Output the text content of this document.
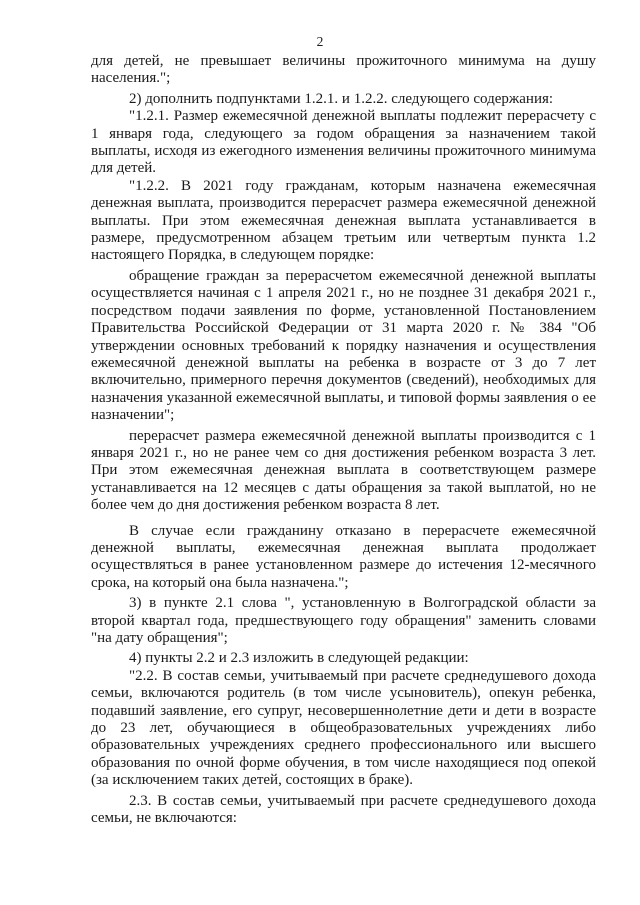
2

для детей, не превышает величины прожиточного минимума на душу населения.";

2) дополнить подпунктами 1.2.1. и 1.2.2. следующего содержания:

"1.2.1. Размер ежемесячной денежной выплаты подлежит перерасчету с 1 января года, следующего за годом обращения за назначением такой выплаты, исходя из ежегодного изменения величины прожиточного минимума для детей.

"1.2.2. В 2021 году гражданам, которым назначена ежемесячная денежная выплата, производится перерасчет размера ежемесячной денежной выплаты. При этом ежемесячная денежная выплата устанавливается в размере, предусмотренном абзацем третьим или четвертым пункта 1.2 настоящего Порядка, в следующем порядке:

обращение граждан за перерасчетом ежемесячной денежной выплаты осуществляется начиная с 1 апреля 2021 г., но не позднее 31 декабря 2021 г., посредством подачи заявления по форме, установленной Постановлением Правительства Российской Федерации от 31 марта 2020 г. № 384 "Об утверждении основных требований к порядку назначения и осуществления ежемесячной денежной выплаты на ребенка в возрасте от 3 до 7 лет включительно, примерного перечня документов (сведений), необходимых для назначения указанной ежемесячной выплаты, и типовой формы заявления о ее назначении";

перерасчет размера ежемесячной денежной выплаты производится с 1 января 2021 г., но не ранее чем со дня достижения ребенком возраста 3 лет. При этом ежемесячная денежная выплата в соответствующем размере устанавливается на 12 месяцев с даты обращения за такой выплатой, но не более чем до дня достижения ребенком возраста 8 лет.

В случае если гражданину отказано в перерасчете ежемесячной денежной выплаты, ежемесячная денежная выплата продолжает осуществляться в ранее установленном размере до истечения 12-месячного срока, на который она была назначена.";

3) в пункте 2.1 слова ", установленную в Волгоградской области за второй квартал года, предшествующего году обращения" заменить словами "на дату обращения";

4) пункты 2.2 и 2.3 изложить в следующей редакции:

"2.2. В состав семьи, учитываемый при расчете среднедушевого дохода семьи, включаются родитель (в том числе усыновитель), опекун ребенка, подавший заявление, его супруг, несовершеннолетние дети и дети в возрасте до 23 лет, обучающиеся в общеобразовательных учреждениях либо образовательных учреждениях среднего профессионального или высшего образования по очной форме обучения, в том числе находящиеся под опекой (за исключением таких детей, состоящих в браке).

2.3. В состав семьи, учитываемый при расчете среднедушевого дохода семьи, не включаются:
